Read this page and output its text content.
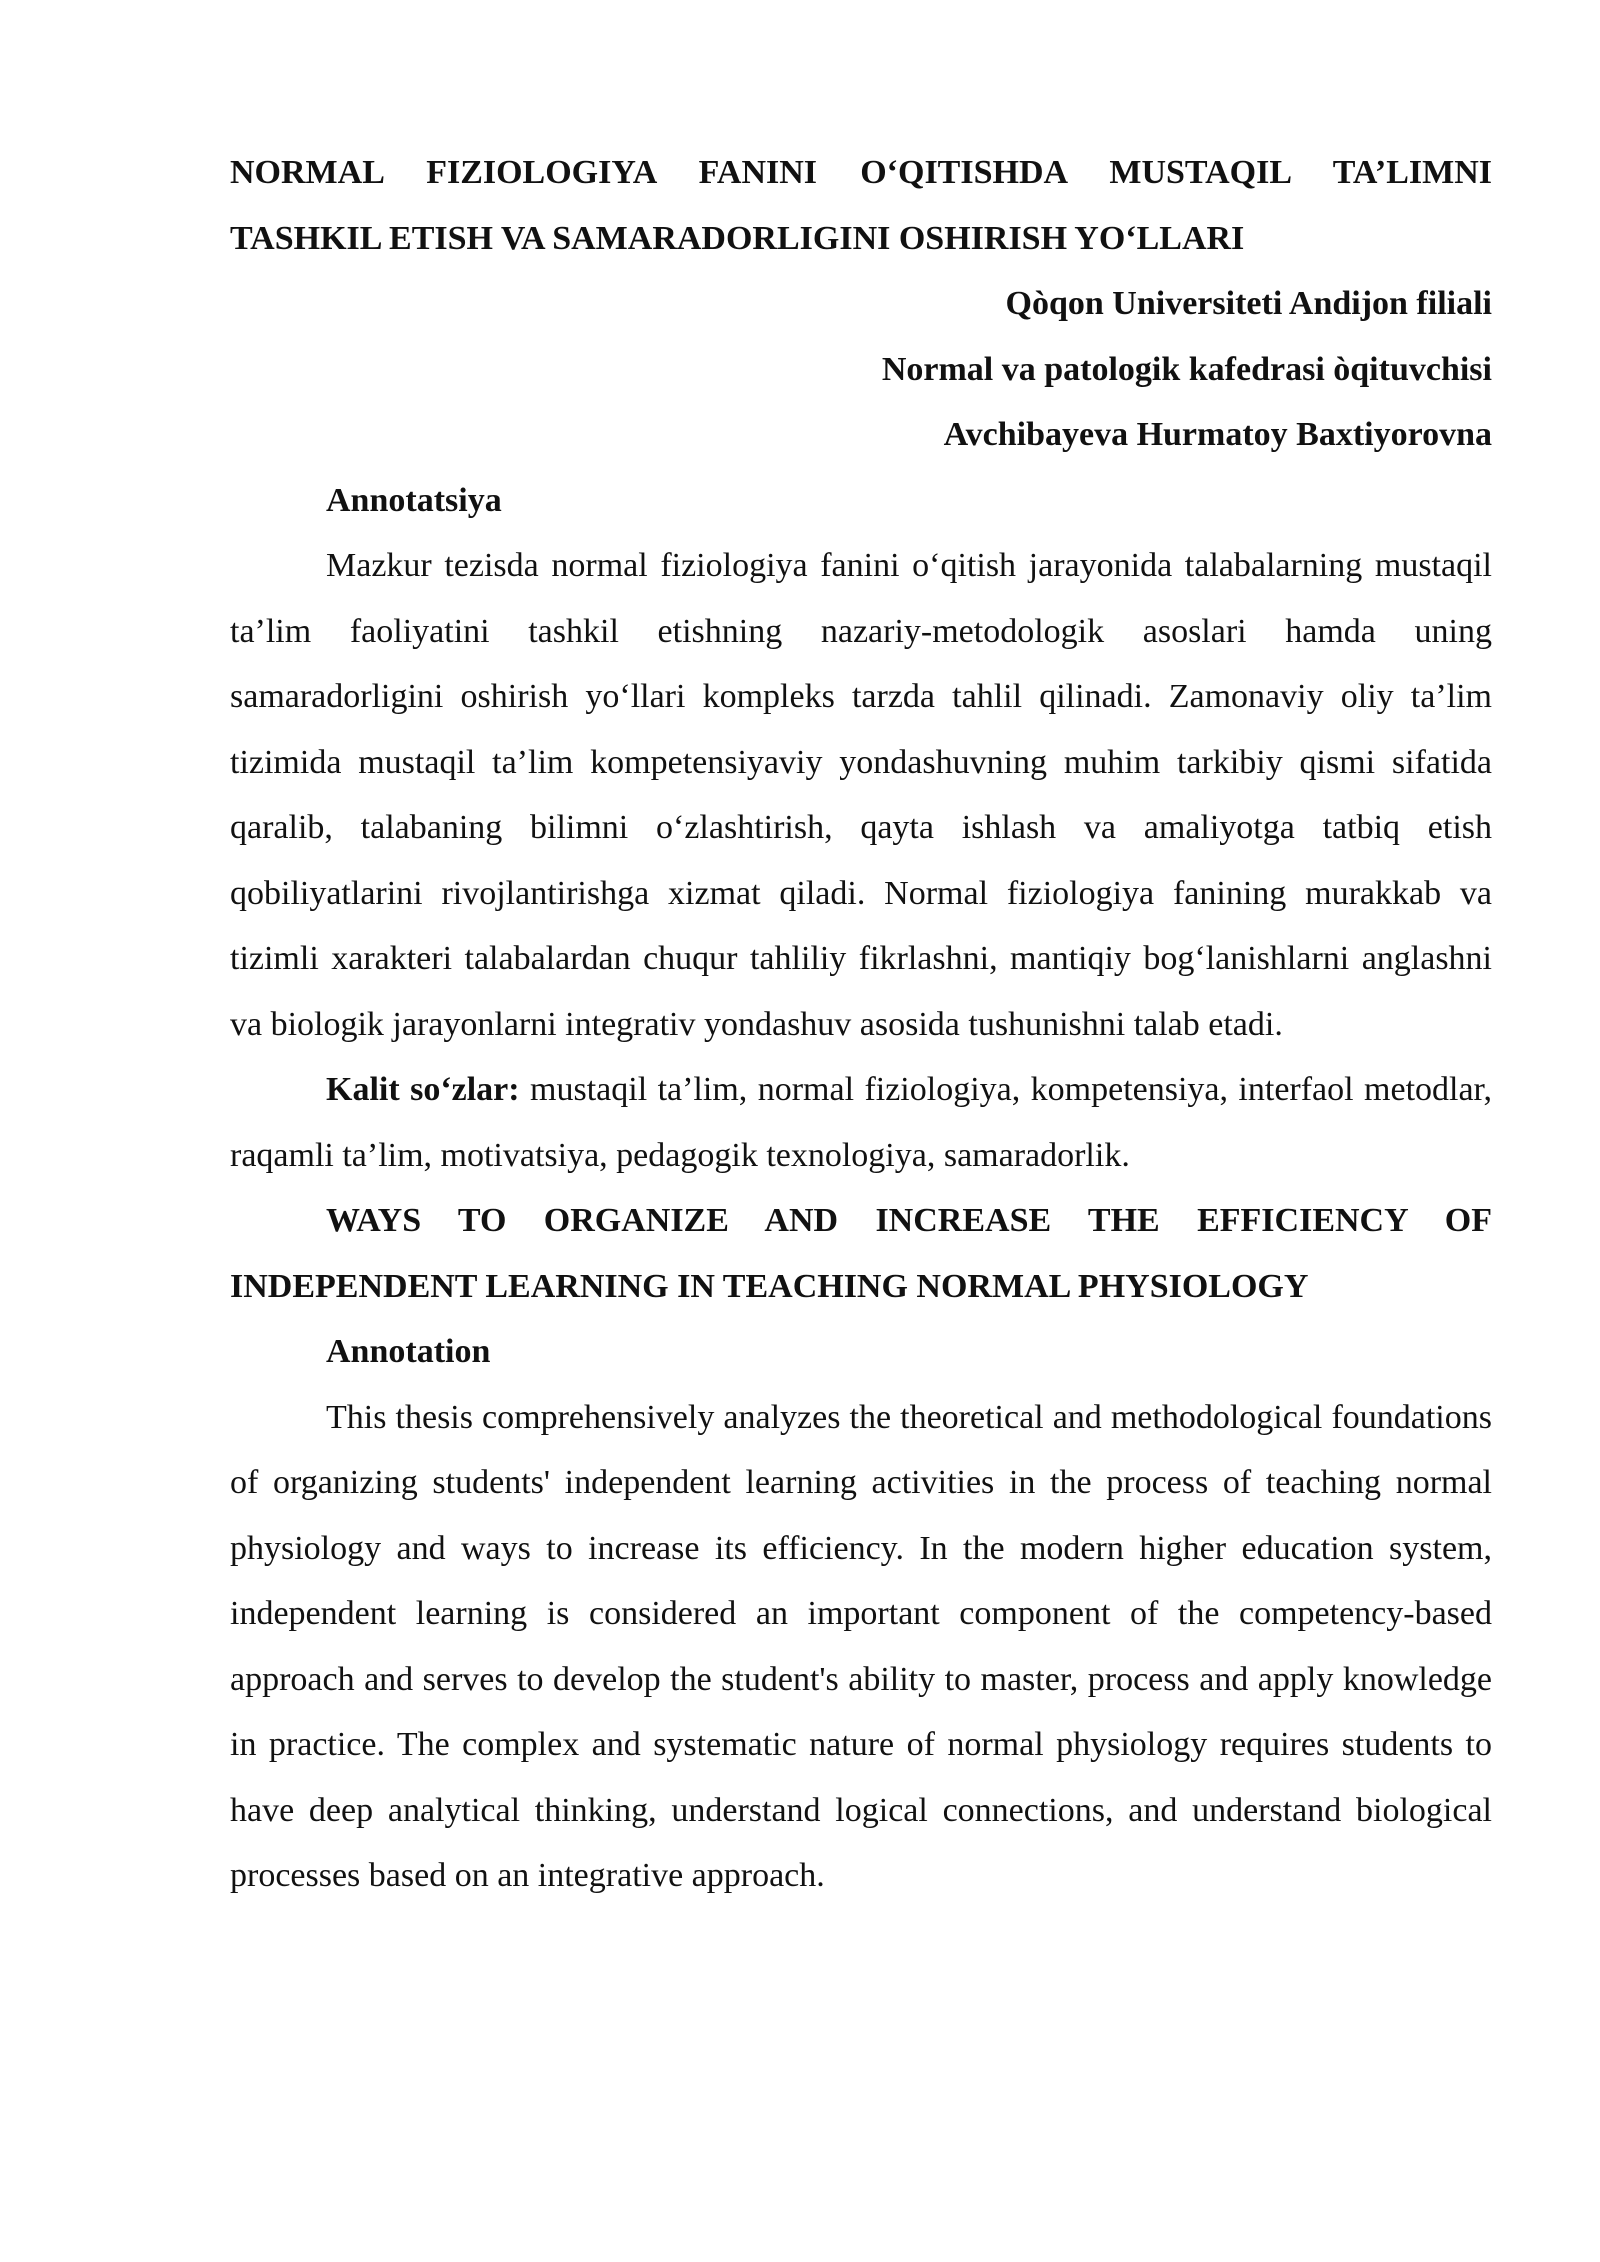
NORMAL FIZIOLOGIYA FANINI O‘QITISHDA MUSTAQIL TA’LIMNI
TASHKIL ETISH VA SAMARADORLIGINI OSHIRISH YO‘LLARI

Qòqon Universiteti Andijon filiali

Normal va patologik kafedrasi òqituvchisi

Avchibayeva Hurmatoy Baxtiyorovna

Annotatsiya

Mazkur tezisda normal fiziologiya fanini o‘qitish jarayonida talabalarning mustaqil ta’lim faoliyatini tashkil etishning nazariy-metodologik asoslari hamda uning samaradorligini oshirish yo‘llari kompleks tarzda tahlil qilinadi. Zamonaviy oliy ta’lim tizimida mustaqil ta’lim kompetensiyaviy yondashuvning muhim tarkibiy qismi sifatida qaralib, talabaning bilimni o‘zlashtirish, qayta ishlash va amaliyotga tatbiq etish qobiliyatlarini rivojlantirishga xizmat qiladi. Normal fiziologiya fanining murakkab va tizimli xarakteri talabalardan chuqur tahliliy fikrlashni, mantiqiy bog‘lanishlarni anglashni va biologik jarayonlarni integrativ yondashuv asosida tushunishni talab etadi.

Kalit so‘zlar: mustaqil ta’lim, normal fiziologiya, kompetensiya, interfaol metodlar, raqamli ta’lim, motivatsiya, pedagogik texnologiya, samaradorlik.

WAYS TO ORGANIZE AND INCREASE THE EFFICIENCY OF INDEPENDENT LEARNING IN TEACHING NORMAL PHYSIOLOGY

Annotation

This thesis comprehensively analyzes the theoretical and methodological foundations of organizing students' independent learning activities in the process of teaching normal physiology and ways to increase its efficiency. In the modern higher education system, independent learning is considered an important component of the competency-based approach and serves to develop the student's ability to master, process and apply knowledge in practice. The complex and systematic nature of normal physiology requires students to have deep analytical thinking, understand logical connections, and understand biological processes based on an integrative approach.
